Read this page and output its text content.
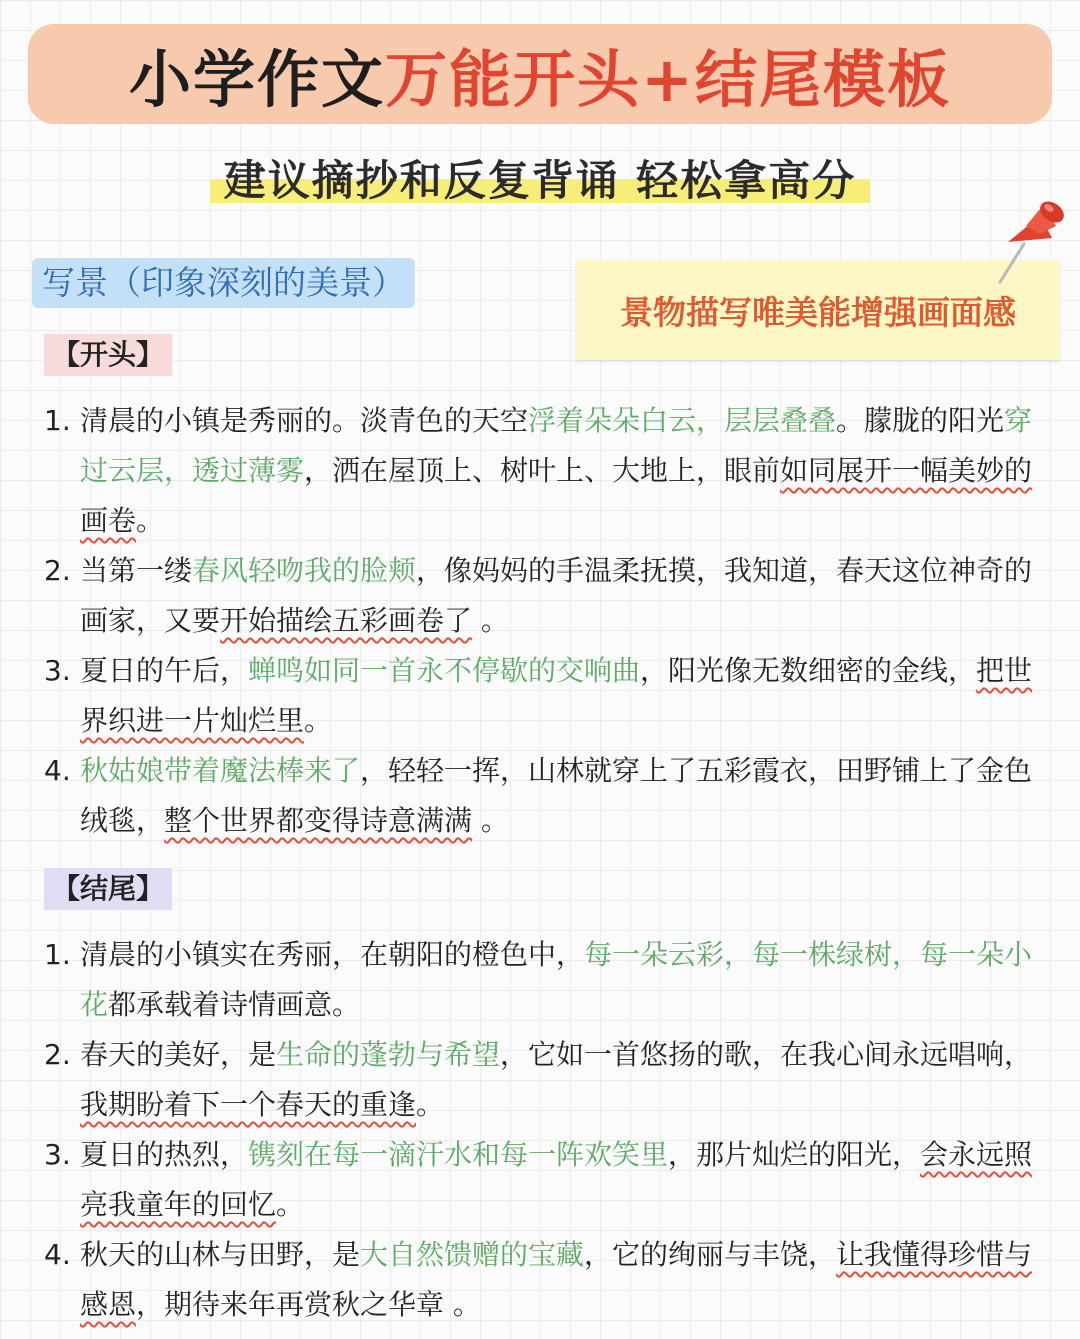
小学作文 万能开头+结尾模板
建议摘抄和反复背诵 轻松拿高分
写景（印象深刻的美景）
景物描写唯美能增强画面感
【开头】
1. 清晨的小镇是秀丽的。淡青色的天空浮着朵朵白云，层层叠叠。朦胧的阳光穿过云层，透过薄雾，洒在屋顶上、树叶上、大地上，眼前如同展开一幅美妙的画卷。
2. 当第一缕春风轻吻我的脸颊，像妈妈的手温柔抚摸，我知道，春天这位神奇的画家，又要开始描绘五彩画卷了 。
3. 夏日的午后，蝉鸣如同一首永不停歇的交响曲，阳光像无数细密的金线，把世界织进一片灿烂里。
4. 秋姑娘带着魔法棒来了，轻轻一挥，山林就穿上了五彩霞衣，田野铺上了金色绒毯，整个世界都变得诗意满满 。
【结尾】
1. 清晨的小镇实在秀丽，在朝阳的橙色中，每一朵云彩，每一株绿树，每一朵小花都承载着诗情画意。
2. 春天的美好，是生命的蓬勃与希望，它如一首悠扬的歌，在我心间永远唱响，我期盼着下一个春天的重逢。
3. 夏日的热烈，镌刻在每一滴汗水和每一阵欢笑里，那片灿烂的阳光，会永远照亮我童年的回忆。
4. 秋天的山林与田野，是大自然馈赠的宝藏，它的绚丽与丰饶，让我懂得珍惜与感恩，期待来年再赏秋之华章 。
